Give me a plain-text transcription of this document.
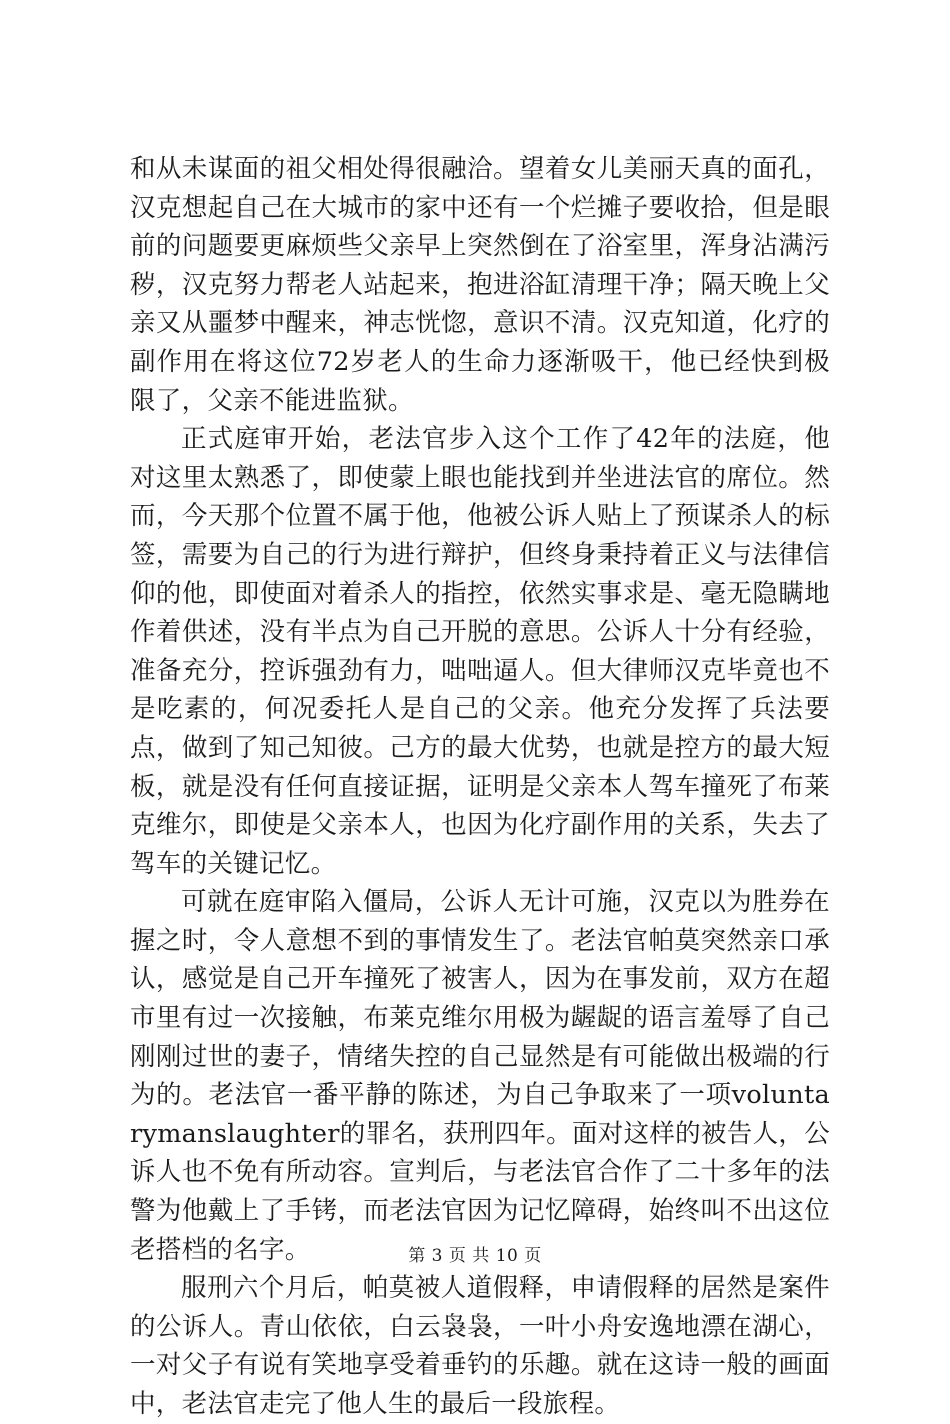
和从未谋面的祖父相处得很融洽。望着女儿美丽天真的面孔，汉克想起自己在大城市的家中还有一个烂摊子要收拾，但是眼前的问题要更麻烦些父亲早上突然倒在了浴室里，浑身沾满污秽，汉克努力帮老人站起来，抱进浴缸清理干净；隔天晚上父亲又从噩梦中醒来，神志恍惚，意识不清。汉克知道，化疗的副作用在将这位72岁老人的生命力逐渐吸干，他已经快到极限了，父亲不能进监狱。

正式庭审开始，老法官步入这个工作了42年的法庭，他对这里太熟悉了，即使蒙上眼也能找到并坐进法官的席位。然而，今天那个位置不属于他，他被公诉人贴上了预谋杀人的标签，需要为自己的行为进行辩护，但终身秉持着正义与法律信仰的他，即使面对着杀人的指控，依然实事求是、毫无隐瞒地作着供述，没有半点为自己开脱的意思。公诉人十分有经验，准备充分，控诉强劲有力，咄咄逼人。但大律师汉克毕竟也不是吃素的，何况委托人是自己的父亲。他充分发挥了兵法要点，做到了知己知彼。己方的最大优势，也就是控方的最大短板，就是没有任何直接证据，证明是父亲本人驾车撞死了布莱克维尔，即使是父亲本人，也因为化疗副作用的关系，失去了驾车的关键记忆。

可就在庭审陷入僵局，公诉人无计可施，汉克以为胜券在握之时，令人意想不到的事情发生了。老法官帕莫突然亲口承认，感觉是自己开车撞死了被害人，因为在事发前，双方在超市里有过一次接触，布莱克维尔用极为龌龊的语言羞辱了自己刚刚过世的妻子，情绪失控的自己显然是有可能做出极端的行为的。老法官一番平静的陈述，为自己争取来了一项voluntarymanslaughter的罪名，获刑四年。面对这样的被告人，公诉人也不免有所动容。宣判后，与老法官合作了二十多年的法警为他戴上了手铐，而老法官因为记忆障碍，始终叫不出这位老搭档的名字。

服刑六个月后，帕莫被人道假释，申请假释的居然是案件的公诉人。青山依依，白云袅袅，一叶小舟安逸地漂在湖心，一对父子有说有笑地享受着垂钓的乐趣。就在这诗一般的画面中，老法官走完了他人生的最后一段旅程。

第 3 页 共 10 页
